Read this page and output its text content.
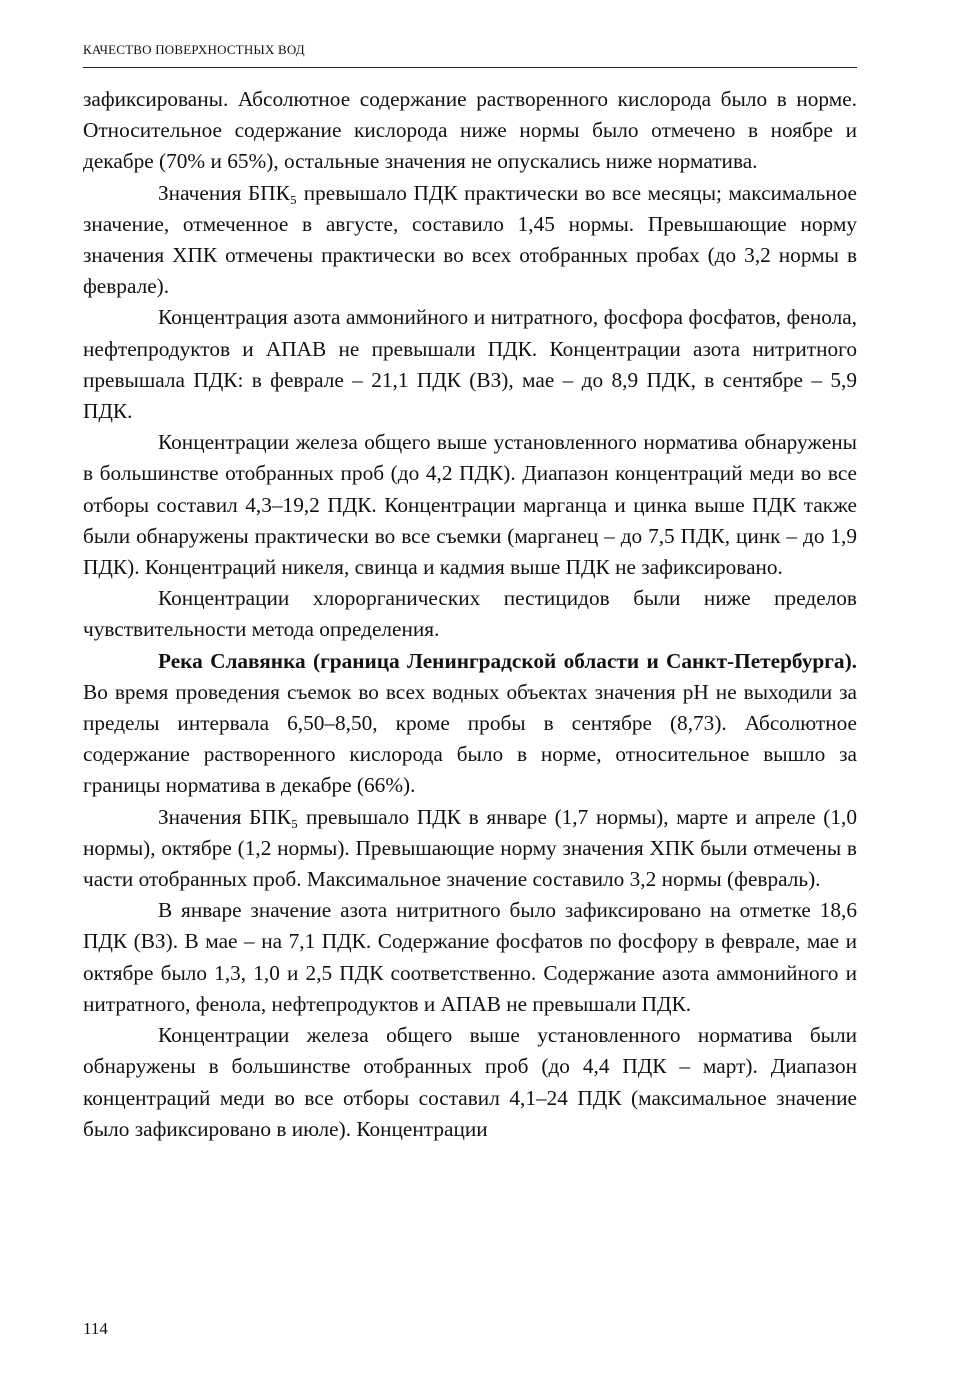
КАЧЕСТВО ПОВЕРХНОСТНЫХ ВОД

зафиксированы. Абсолютное содержание растворенного кислорода было в норме. Относительное содержание кислорода ниже нормы было отмечено в ноябре и декабре (70% и 65%), остальные значения не опускались ниже норматива.

Значения БПК₅ превышало ПДК практически во все месяцы; максимальное значение, отмеченное в августе, составило 1,45 нормы. Превышающие норму значения ХПК отмечены практически во всех отобранных пробах (до 3,2 нормы в феврале).

Концентрация азота аммонийного и нитратного, фосфора фосфатов, фенола, нефтепродуктов и АПАВ не превышали ПДК. Концентрации азота нитритного превышала ПДК: в феврале – 21,1 ПДК (ВЗ), мае – до 8,9 ПДК, в сентябре – 5,9 ПДК.

Концентрации железа общего выше установленного норматива обнаружены в большинстве отобранных проб (до 4,2 ПДК). Диапазон концентраций меди во все отборы составил 4,3–19,2 ПДК. Концентрации марганца и цинка выше ПДК также были обнаружены практически во все съемки (марганец – до 7,5 ПДК, цинк – до 1,9 ПДК). Концентраций никеля, свинца и кадмия выше ПДК не зафиксировано.

Концентрации хлорорганических пестицидов были ниже пределов чувствительности метода определения.

Река Славянка (граница Ленинградской области и Санкт-Петербурга). Во время проведения съемок во всех водных объектах значения pH не выходили за пределы интервала 6,50–8,50, кроме пробы в сентябре (8,73). Абсолютное содержание растворенного кислорода было в норме, относительное вышло за границы норматива в декабре (66%).

Значения БПК₅ превышало ПДК в январе (1,7 нормы), марте и апреле (1,0 нормы), октябре (1,2 нормы). Превышающие норму значения ХПК были отмечены в части отобранных проб. Максимальное значение составило 3,2 нормы (февраль).

В январе значение азота нитритного было зафиксировано на отметке 18,6 ПДК (ВЗ). В мае – на 7,1 ПДК. Содержание фосфатов по фосфору в феврале, мае и октябре было 1,3, 1,0 и 2,5 ПДК соответственно. Содержание азота аммонийного и нитратного, фенола, нефтепродуктов и АПАВ не превышали ПДК.

Концентрации железа общего выше установленного норматива были обнаружены в большинстве отобранных проб (до 4,4 ПДК – март). Диапазон концентраций меди во все отборы составил 4,1–24 ПДК (максимальное значение было зафиксировано в июле). Концентрации

114
